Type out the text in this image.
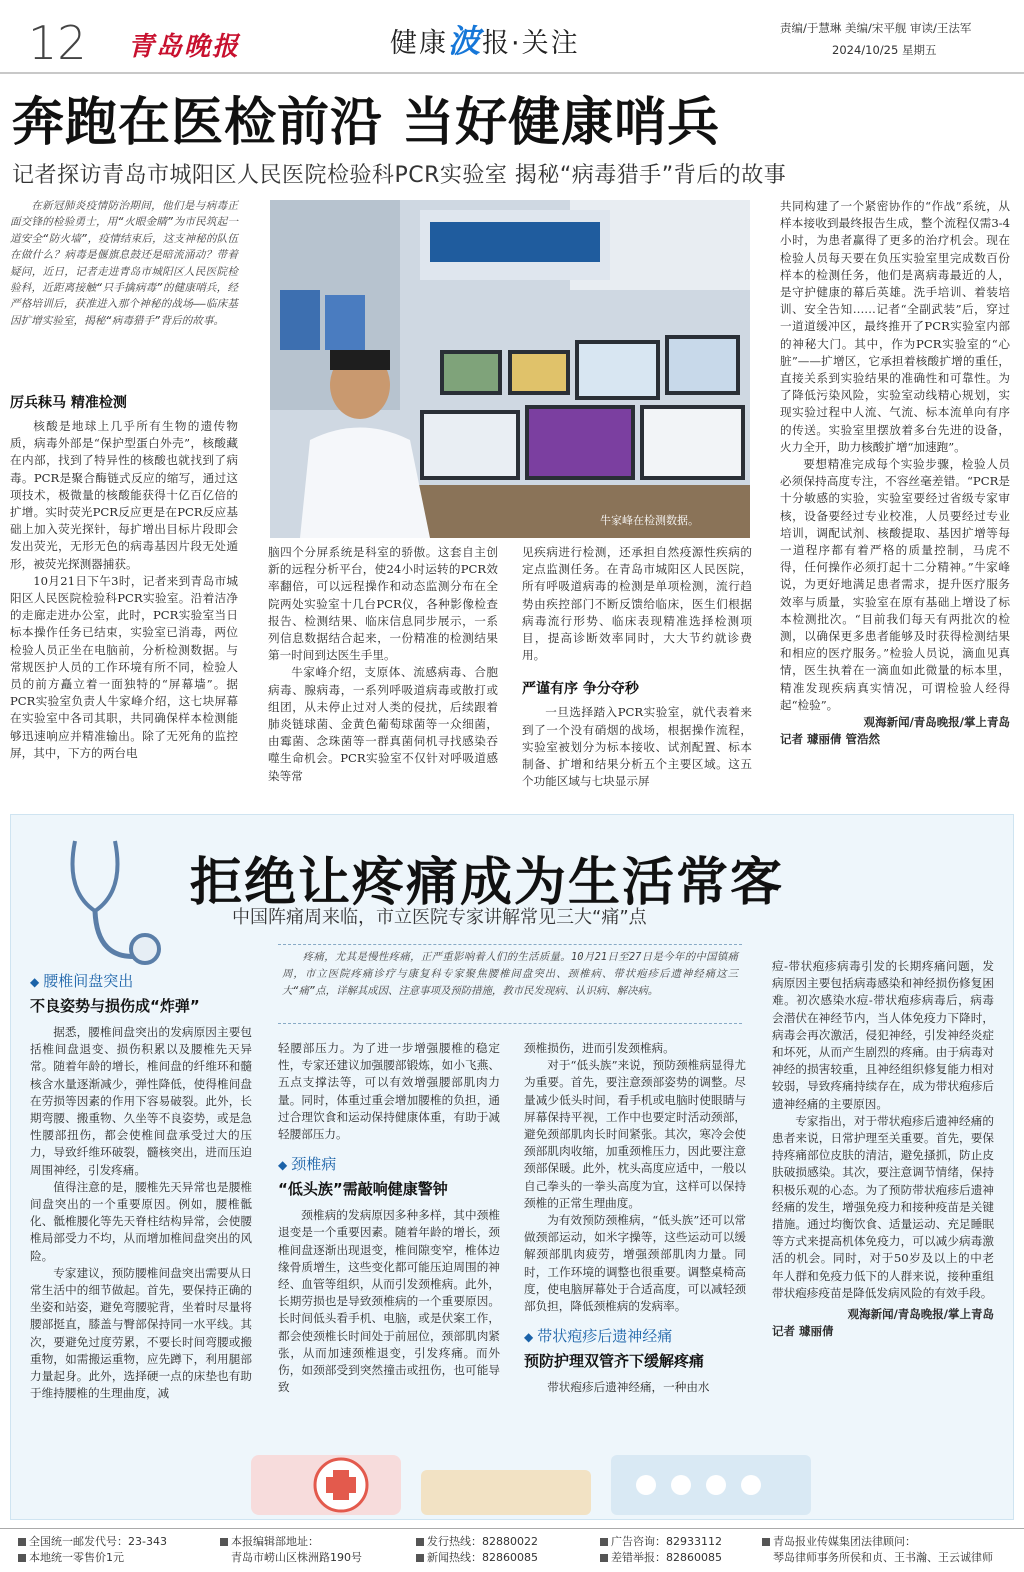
12 青岛晚报	健康波报·关注	责编/于慧琳 美编/宋平舰 审读/王法军
2024/10/25 星期五
奔跑在医检前沿 当好健康哨兵
记者探访青岛市城阳区人民医院检验科PCR实验室 揭秘“病毒猎手”背后的故事

在新冠肺炎疫情防治期间，他们是与病毒正面交锋的检验勇士，用“火眼金睛”为市民筑起一道安全“防火墙”，疫情结束后，这支神秘的队伍在做什么？病毒是偃旗息鼓还是暗流涌动？带着疑问，近日，记者走进青岛市城阳区人民医院检验科，近距离接触“只手擒病毒”的健康哨兵，经严格培训后，获准进入那个神秘的战场——临床基因扩增实验室，揭秘“病毒猎手”背后的故事。

厉兵秣马 精准检测

核酸是地球上几乎所有生物的遗传物质，病毒外部是“保护型蛋白外壳”，核酸藏在内部，找到了特异性的核酸也就找到了病毒。PCR是聚合酶链式反应的缩写，通过这项技术，极微量的核酸能获得十亿百亿倍的扩增。实时荧光PCR反应更是在PCR反应基础上加入荧光探针，每扩增出目标片段即会发出荧光，无形无色的病毒基因片段无处遁形，被荧光探测器捕获。

10月21日下午3时，记者来到青岛市城阳区人民医院检验科PCR实验室。沿着洁净的走廊走进办公室，此时，PCR实验室当日标本操作任务已结束，实验室已消毒，两位检验人员正坐在电脑前，分析检测数据。与常规医护人员的工作环境有所不同，检验人员的前方矗立着一面独特的“屏幕墙”。据PCR实验室负责人牛家峰介绍，这七块屏幕在实验室中各司其职，共同确保样本检测能够迅速响应并精准输出。除了无死角的监控屏，其中，下方的两台电

牛家峰在检测数据。

脑四个分屏系统是科室的骄傲。这套自主创新的远程分析平台，使24小时运转的PCR效率翻倍，可以远程操作和动态监测分布在全院两处实验室十几台PCR仪，各种影像检查报告、检测结果、临床信息同步展示，一系列信息数据结合起来，一份精准的检测结果第一时间到达医生手里。

牛家峰介绍，支原体、流感病毒、合胞病毒、腺病毒，一系列呼吸道病毒或散打或组团，从未停止过对人类的侵扰，后续跟着肺炎链球菌、金黄色葡萄球菌等一众细菌，由霉菌、念珠菌等一群真菌伺机寻找感染吞噬生命机会。PCR实验室不仅针对呼吸道感染等常

见疾病进行检测，还承担自然疫源性疾病的定点监测任务。在青岛市城阳区人民医院，所有呼吸道病毒的检测是单项检测，流行趋势由疾控部门不断反馈给临床，医生们根据病毒流行形势、临床表现精准选择检测项目，提高诊断效率同时，大大节约就诊费用。

严谨有序 争分夺秒

一旦选择踏入PCR实验室，就代表着来到了一个没有硝烟的战场，根据操作流程，实验室被划分为标本接收、试剂配置、标本制备、扩增和结果分析五个主要区域。这五个功能区域与七块显示屏

共同构建了一个紧密协作的“作战”系统，从样本接收到最终报告生成，整个流程仅需3-4小时，为患者赢得了更多的治疗机会。现在检验人员每天要在负压实验室里完成数百份样本的检测任务，他们是离病毒最近的人，是守护健康的幕后英雄。洗手培训、着装培训、安全告知……记者“全副武装”后，穿过一道道缓冲区，最终推开了PCR实验室内部的神秘大门。其中，作为PCR实验室的“心脏”——扩增区，它承担着核酸扩增的重任，直接关系到实验结果的准确性和可靠性。为了降低污染风险，实验室动线精心规划，实现实验过程中人流、气流、标本流单向有序的传送。实验室里摆放着多台先进的设备，火力全开，助力核酸扩增“加速跑”。

要想精准完成每个实验步骤，检验人员必须保持高度专注，不容丝毫差错。“PCR是十分敏感的实验，实验室要经过省级专家审核，设备要经过专业校准，人员要经过专业培训，调配试剂、核酸提取、基因扩增等每一道程序都有着严格的质量控制，马虎不得，任何操作必须打起十二分精神。”牛家峰说，为更好地满足患者需求，提升医疗服务效率与质量，实验室在原有基础上增设了标本检测批次。“目前我们每天有两批次的检测，以确保更多患者能够及时获得检测结果和相应的医疗服务。”检验人员说，滴血见真情，医生执着在一滴血如此微量的标本里，精准发现疾病真实情况，可谓检验人经得起“检验”。

观海新闻/青岛晚报/掌上青岛

记者 璩丽倩 管浩然

拒绝让疼痛成为生活常客
中国阵痛周来临，市立医院专家讲解常见三大“痛”点

疼痛，尤其是慢性疼痛，正严重影响着人们的生活质量。10月21日至27日是今年的中国镇痛周，市立医院疼痛诊疗与康复科专家聚焦腰椎间盘突出、颈椎病、带状疱疹后遗神经痛这三大“痛”点，详解其成因、注意事项及预防措施，教市民发现病、认识病、解决病。

◆ 腰椎间盘突出
不良姿势与损伤成“炸弹”

据悉，腰椎间盘突出的发病原因主要包括椎间盘退变、损伤积累以及腰椎先天异常。随着年龄的增长，椎间盘的纤维环和髓核含水量逐渐减少，弹性降低，使得椎间盘在劳损等因素的作用下容易破裂。此外，长期弯腰、搬重物、久坐等不良姿势，或是急性腰部扭伤，都会使椎间盘承受过大的压力，导致纤维环破裂，髓核突出，进而压迫周围神经，引发疼痛。

值得注意的是，腰椎先天异常也是腰椎间盘突出的一个重要原因。例如，腰椎骶化、骶椎腰化等先天脊柱结构异常，会使腰椎局部受力不均，从而增加椎间盘突出的风险。

专家建议，预防腰椎间盘突出需要从日常生活中的细节做起。首先，要保持正确的坐姿和站姿，避免弯腰驼背，坐着时尽量将腰部挺直，膝盖与臀部保持同一水平线。其次，要避免过度劳累，不要长时间弯腰或搬重物，如需搬运重物，应先蹲下，利用腿部力量起身。此外，选择硬一点的床垫也有助于维持腰椎的生理曲度，减

轻腰部压力。为了进一步增强腰椎的稳定性，专家还建议加强腰部锻炼，如小飞燕、五点支撑法等，可以有效增强腰部肌肉力量。同时，体重过重会增加腰椎的负担，通过合理饮食和运动保持健康体重，有助于减轻腰部压力。

◆ 颈椎病
“低头族”需敲响健康警钟

颈椎病的发病原因多种多样，其中颈椎退变是一个重要因素。随着年龄的增长，颈椎间盘逐渐出现退变，椎间隙变窄，椎体边缘骨质增生，这些变化都可能压迫周围的神经、血管等组织，从而引发颈椎病。此外，长期劳损也是导致颈椎病的一个重要原因。长时间低头看手机、电脑，或是伏案工作，都会使颈椎长时间处于前屈位，颈部肌肉紧张，从而加速颈椎退变，引发疼痛。而外伤，如颈部受到突然撞击或扭伤，也可能导致

颈椎损伤，进而引发颈椎病。

对于“低头族”来说，预防颈椎病显得尤为重要。首先，要注意颈部姿势的调整。尽量减少低头时间，看手机或电脑时使眼睛与屏幕保持平视，工作中也要定时活动颈部，避免颈部肌肉长时间紧张。其次，寒冷会使颈部肌肉收缩，加重颈椎压力，因此要注意颈部保暖。此外，枕头高度应适中，一般以自己拳头的一拳头高度为宜，这样可以保持颈椎的正常生理曲度。

为有效预防颈椎病，“低头族”还可以常做颈部运动，如米字操等，这些运动可以缓解颈部肌肉疲劳，增强颈部肌肉力量。同时，工作环境的调整也很重要。调整桌椅高度，使电脑屏幕处于合适高度，可以减轻颈部负担，降低颈椎病的发病率。

◆ 带状疱疹后遗神经痛
预防护理双管齐下缓解疼痛

带状疱疹后遗神经痛，一种由水

痘-带状疱疹病毒引发的长期疼痛问题，发病原因主要包括病毒感染和神经损伤修复困难。初次感染水痘-带状疱疹病毒后，病毒会潜伏在神经节内，当人体免疫力下降时，病毒会再次激活，侵犯神经，引发神经炎症和坏死，从而产生剧烈的疼痛。由于病毒对神经的损害较重，且神经组织修复能力相对较弱，导致疼痛持续存在，成为带状疱疹后遗神经痛的主要原因。

专家指出，对于带状疱疹后遗神经痛的患者来说，日常护理至关重要。首先，要保持疼痛部位皮肤的清洁，避免搔抓，防止皮肤破损感染。其次，要注意调节情绪，保持积极乐观的心态。为了预防带状疱疹后遗神经痛的发生，增强免疫力和接种疫苗是关键措施。通过均衡饮食、适量运动、充足睡眠等方式来提高机体免疫力，可以减少病毒激活的机会。同时，对于50岁及以上的中老年人群和免疫力低下的人群来说，接种重组带状疱疹疫苗是降低发病风险的有效手段。

观海新闻/青岛晚报/掌上青岛

记者 璩丽倩

全国统一邮发代号：23-343
本地统一零售价1元
本报编辑部地址：
青岛市崂山区株洲路190号
发行热线：82880022
新闻热线：82860085
广告咨询：82933112
差错举报：82860085
青岛报业传媒集团法律顾问：
琴岛律师事务所侯和贞、王书瀚、王云诚律师
